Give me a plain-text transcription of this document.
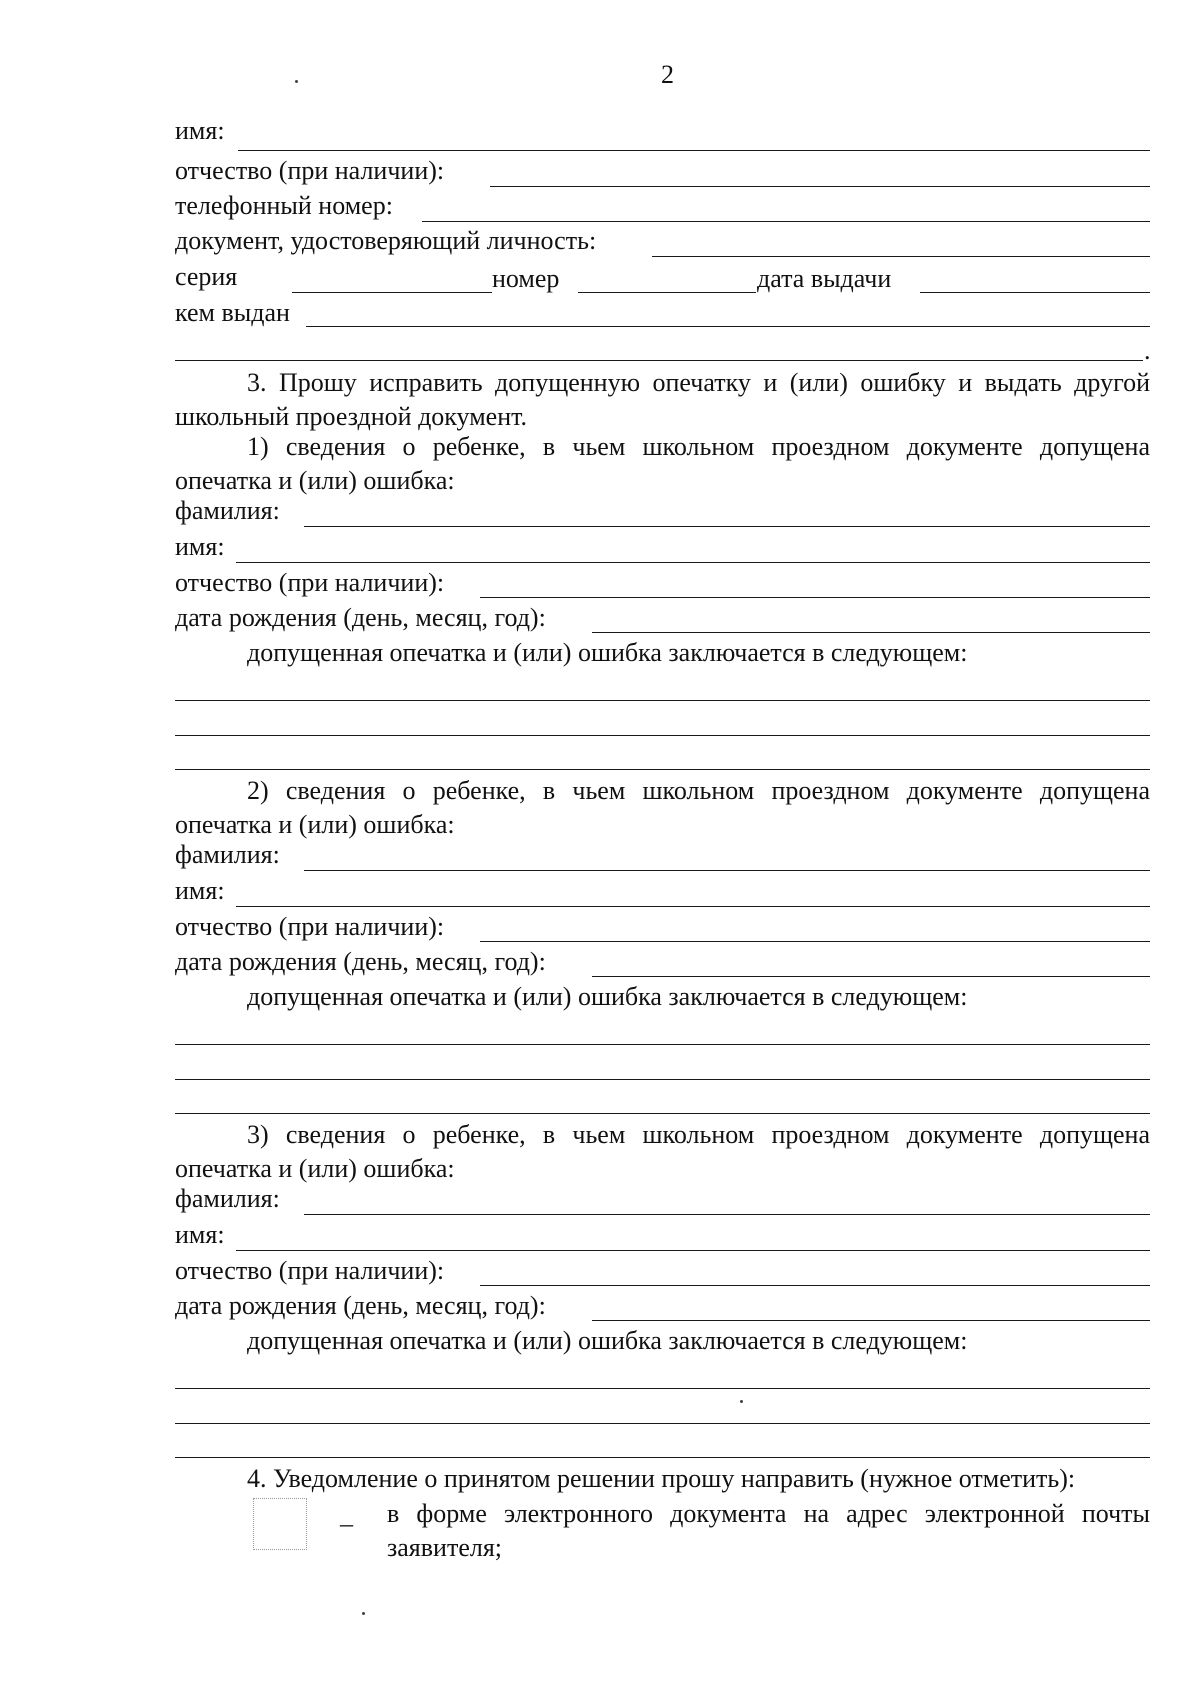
2
имя:
отчество (при наличии):
телефонный номер:
документ, удостоверяющий личность:
серия	номер	дата выдачи
кем выдан
.
3. Прошу исправить допущенную опечатку и (или) ошибку и выдать другой школьный проездной документ.
1) сведения о ребенке, в чьем школьном проездном документе допущена опечатка и (или) ошибка:
фамилия:
имя:
отчество (при наличии):
дата рождения (день, месяц, год):
допущенная опечатка и (или) ошибка заключается в следующем:
2) сведения о ребенке, в чьем школьном проездном документе допущена опечатка и (или) ошибка:
фамилия:
имя:
отчество (при наличии):
дата рождения (день, месяц, год):
допущенная опечатка и (или) ошибка заключается в следующем:
3) сведения о ребенке, в чьем школьном проездном документе допущена опечатка и (или) ошибка:
фамилия:
имя:
отчество (при наличии):
дата рождения (день, месяц, год):
допущенная опечатка и (или) ошибка заключается в следующем:
4. Уведомление о принятом решении прошу направить (нужное отметить):
_ в форме электронного документа на адрес электронной почты заявителя;
